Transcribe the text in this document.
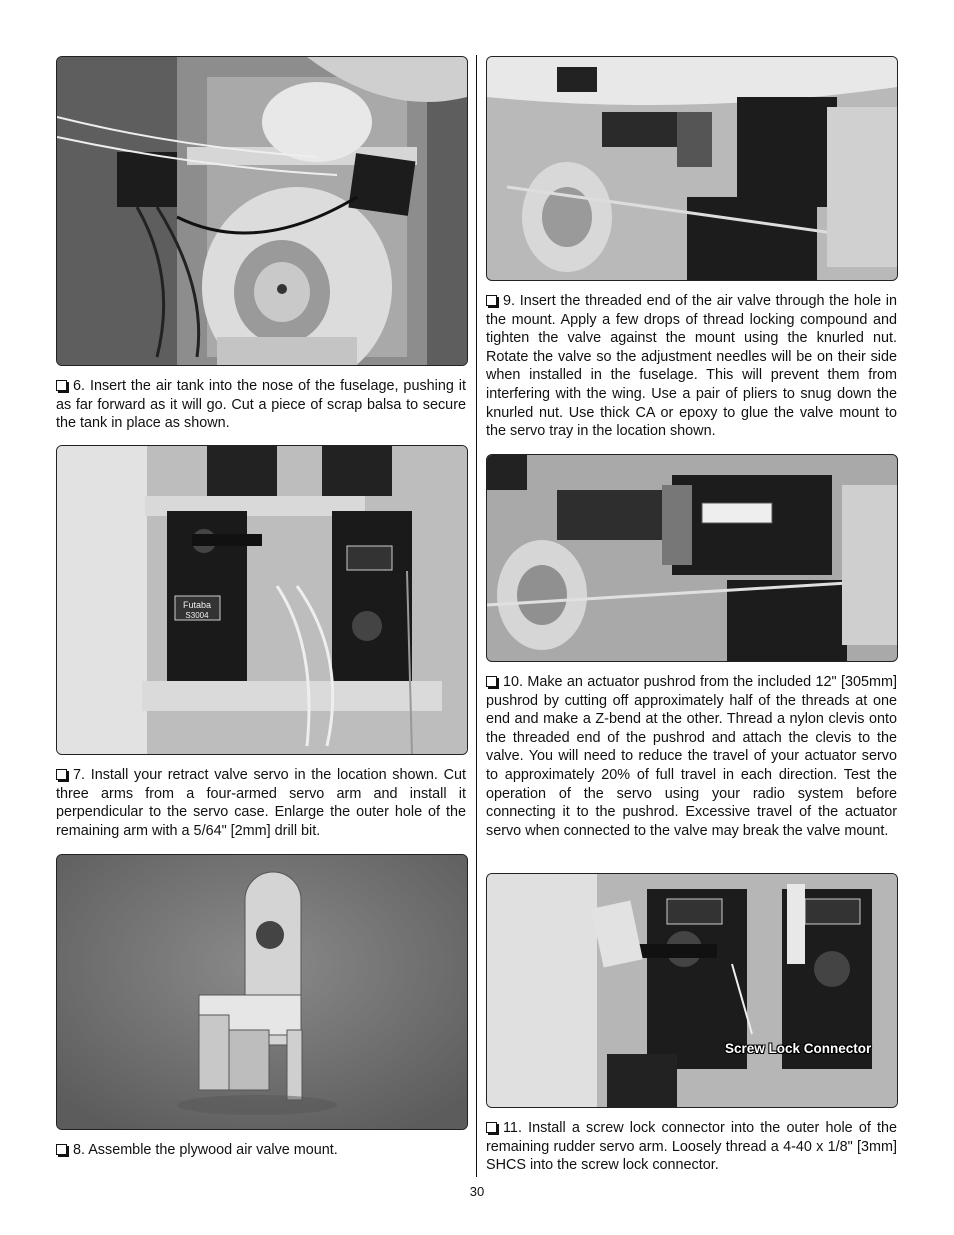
6. Insert the air tank into the nose of the fuselage, pushing it as far forward as it will go. Cut a piece of scrap balsa to secure the tank in place as shown.
Futaba
S3004
7. Install your retract valve servo in the location shown. Cut three arms from a four-armed servo arm and install it perpendicular to the servo case. Enlarge the outer hole of the remaining arm with a 5/64" [2mm] drill bit.
8. Assemble the plywood air valve mount.
9. Insert the threaded end of the air valve through the hole in the mount. Apply a few drops of thread locking compound and tighten the valve against the mount using the knurled nut. Rotate the valve so the adjustment needles will be on their side when installed in the fuselage. This will prevent them from interfering with the wing. Use a pair of pliers to snug down the knurled nut. Use thick CA or epoxy to glue the valve mount to the servo tray in the location shown.
10. Make an actuator pushrod from the included 12" [305mm] pushrod by cutting off approximately half of the threads at one end and make a Z-bend at the other. Thread a nylon clevis onto the threaded end of the pushrod and attach the clevis to the valve. You will need to reduce the travel of your actuator servo to approximately 20% of full travel in each direction. Test the operation of the servo using your radio system before connecting it to the pushrod. Excessive travel of the actuator servo when connected to the valve may break the valve mount.
Screw Lock Connector
11. Install a screw lock connector into the outer hole of the remaining rudder servo arm. Loosely thread a 4-40 x 1/8" [3mm] SHCS into the screw lock connector.
30
